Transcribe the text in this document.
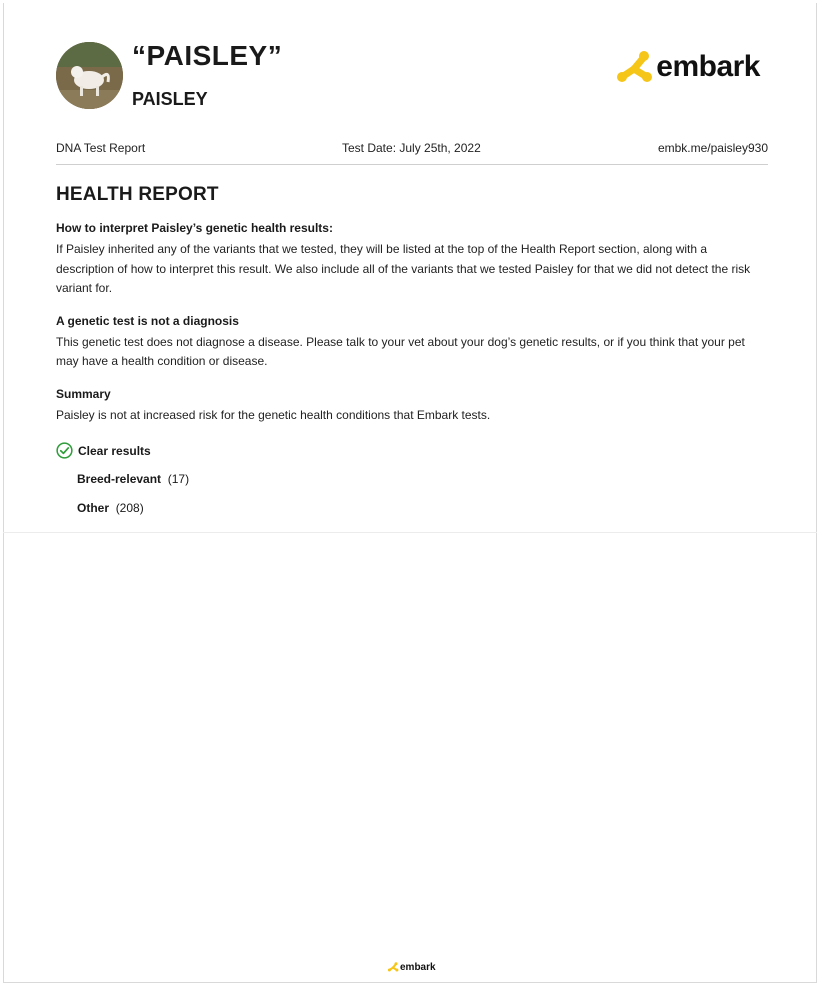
“PAISLEY”
PAISLEY
embark
DNA Test Report	Test Date: July 25th, 2022	embk.me/paisley930
HEALTH REPORT

How to interpret Paisley’s genetic health results:

If Paisley inherited any of the variants that we tested, they will be listed at the top of the Health Report section, along with a description of how to interpret this result. We also include all of the variants that we tested Paisley for that we did not detect the risk variant for.

A genetic test is not a diagnosis

This genetic test does not diagnose a disease. Please talk to your vet about your dog’s genetic results, or if you think that your pet may have a health condition or disease.

Summary

Paisley is not at increased risk for the genetic health conditions that Embark tests.

Clear results
Breed-relevant (17)
Other (208)
embark
